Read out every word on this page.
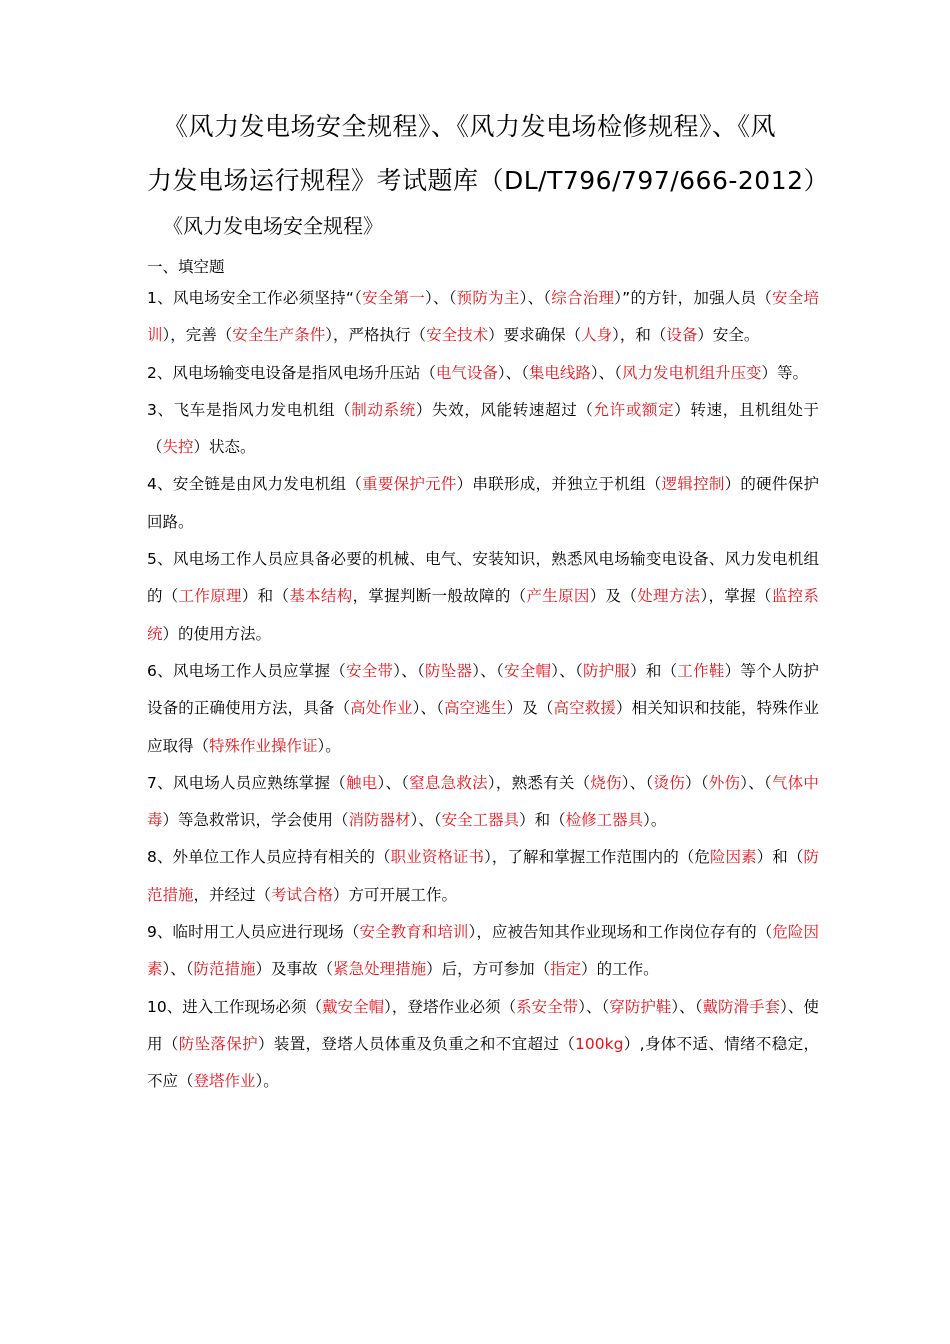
《风力发电场安全规程》、《风力发电场检修规程》、《风
力发电场运行规程》考试题库（DL/T796/797/666-2012）
《风力发电场安全规程》
一、填空题

1、风电场安全工作必须坚持“（安全第一）、（预防为主）、（综合治理）”的方针，加强人员（安全培训），完善（安全生产条件），严格执行（安全技术）要求确保（人身），和（设备）安全。

2、风电场输变电设备是指风电场升压站（电气设备）、（集电线路）、（风力发电机组升压变）等。

3、飞车是指风力发电机组（制动系统）失效，风能转速超过（允许或额定）转速，且机组处于（失控）状态。

4、安全链是由风力发电机组（重要保护元件）串联形成，并独立于机组（逻辑控制）的硬件保护回路。

5、风电场工作人员应具备必要的机械、电气、安装知识，熟悉风电场输变电设备、风力发电机组的（工作原理）和（基本结构，掌握判断一般故障的（产生原因）及（处理方法），掌握（监控系统）的使用方法。

6、风电场工作人员应掌握（安全带）、（防坠器）、（安全帽）、（防护服）和（工作鞋）等个人防护设备的正确使用方法，具备（高处作业）、（高空逃生）及（高空救援）相关知识和技能，特殊作业应取得（特殊作业操作证）。

7、风电场人员应熟练掌握（触电）、（窒息急救法），熟悉有关（烧伤）、（烫伤）（外伤）、（气体中毒）等急救常识，学会使用（消防器材）、（安全工器具）和（检修工器具）。

8、外单位工作人员应持有相关的（职业资格证书），了解和掌握工作范围内的（危险因素）和（防范措施，并经过（考试合格）方可开展工作。

9、临时用工人员应进行现场（安全教育和培训），应被告知其作业现场和工作岗位存有的（危险因素）、（防范措施）及事故（紧急处理措施）后，方可参加（指定）的工作。

10、进入工作现场必须（戴安全帽），登塔作业必须（系安全带）、（穿防护鞋）、（戴防滑手套）、使用（防坠落保护）装置，登塔人员体重及负重之和不宜超过（100kg）,身体不适、情绪不稳定，不应（登塔作业）。
